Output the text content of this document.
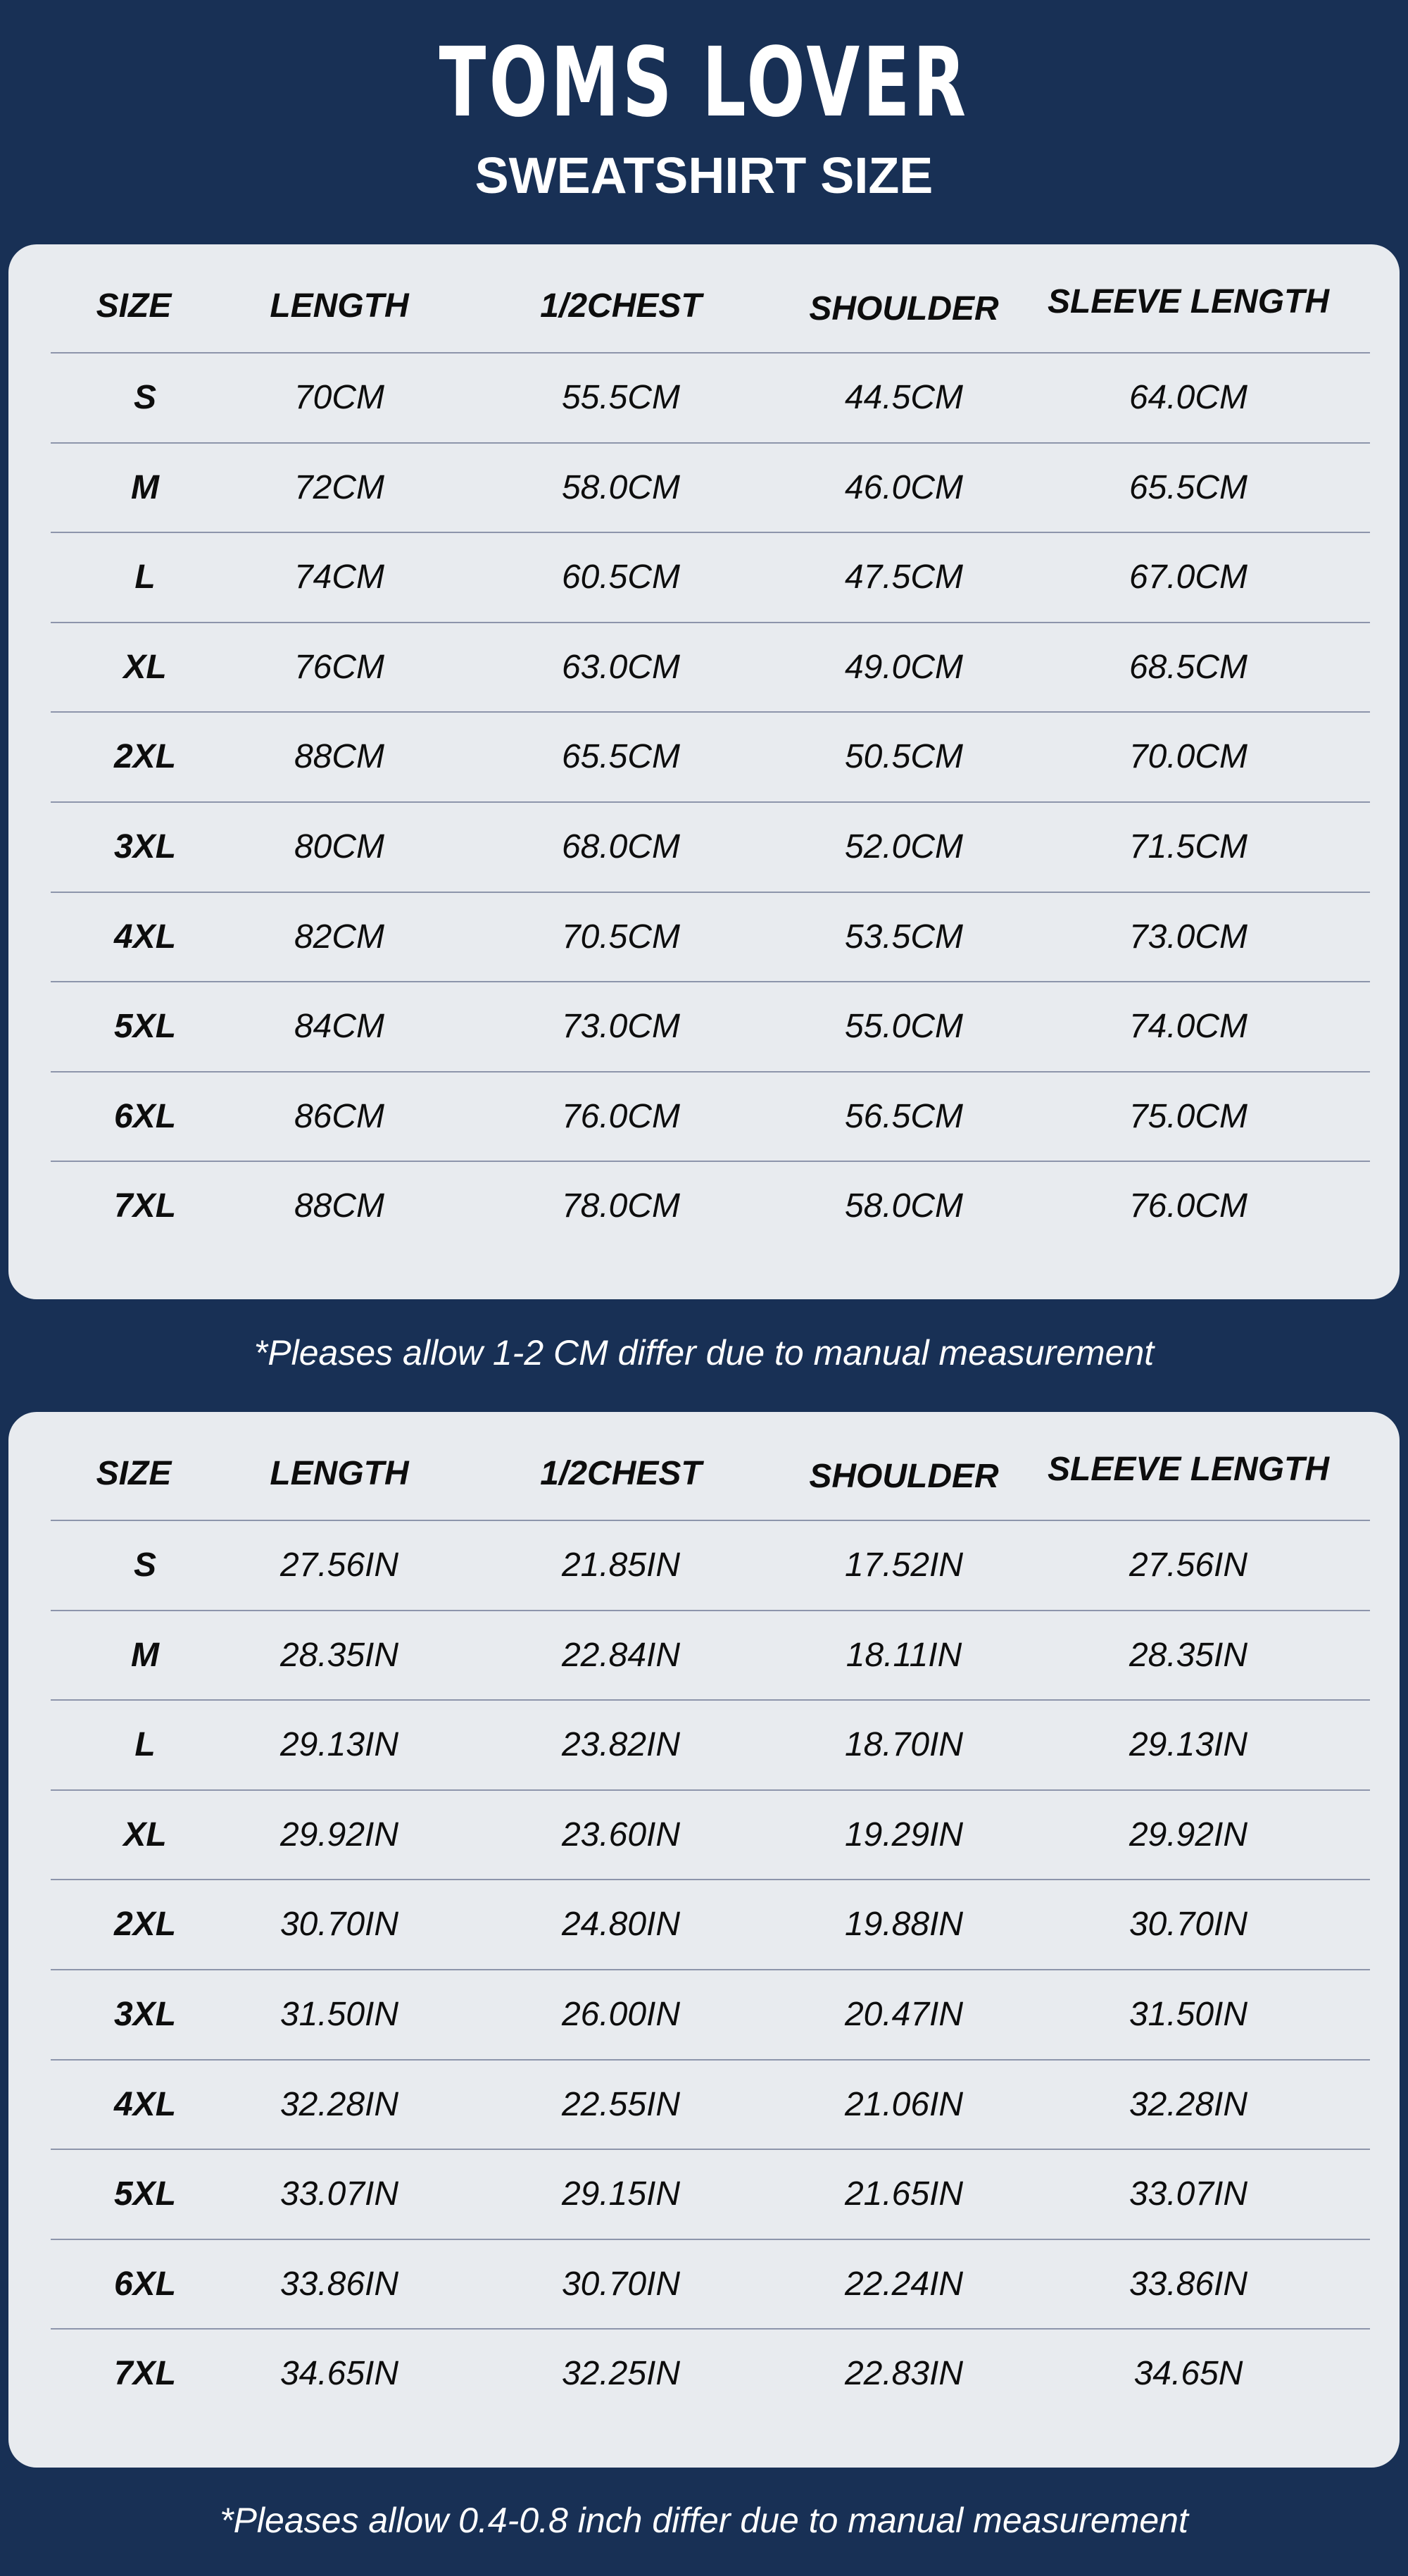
TOMS LOVER
SWEATSHIRT SIZE
SIZE	LENGTH	1/2CHEST	SHOULDER	SLEEVE LENGTH
S	70CM	55.5CM	44.5CM	64.0CM
M	72CM	58.0CM	46.0CM	65.5CM
L	74CM	60.5CM	47.5CM	67.0CM
XL	76CM	63.0CM	49.0CM	68.5CM
2XL	88CM	65.5CM	50.5CM	70.0CM
3XL	80CM	68.0CM	52.0CM	71.5CM
4XL	82CM	70.5CM	53.5CM	73.0CM
5XL	84CM	73.0CM	55.0CM	74.0CM
6XL	86CM	76.0CM	56.5CM	75.0CM
7XL	88CM	78.0CM	58.0CM	76.0CM
*Pleases allow 1-2 CM differ due to manual measurement
SIZE	LENGTH	1/2CHEST	SHOULDER	SLEEVE LENGTH
S	27.56IN	21.85IN	17.52IN	27.56IN
M	28.35IN	22.84IN	18.11IN	28.35IN
L	29.13IN	23.82IN	18.70IN	29.13IN
XL	29.92IN	23.60IN	19.29IN	29.92IN
2XL	30.70IN	24.80IN	19.88IN	30.70IN
3XL	31.50IN	26.00IN	20.47IN	31.50IN
4XL	32.28IN	22.55IN	21.06IN	32.28IN
5XL	33.07IN	29.15IN	21.65IN	33.07IN
6XL	33.86IN	30.70IN	22.24IN	33.86IN
7XL	34.65IN	32.25IN	22.83IN	34.65N
*Pleases allow 0.4-0.8 inch differ due to manual measurement
